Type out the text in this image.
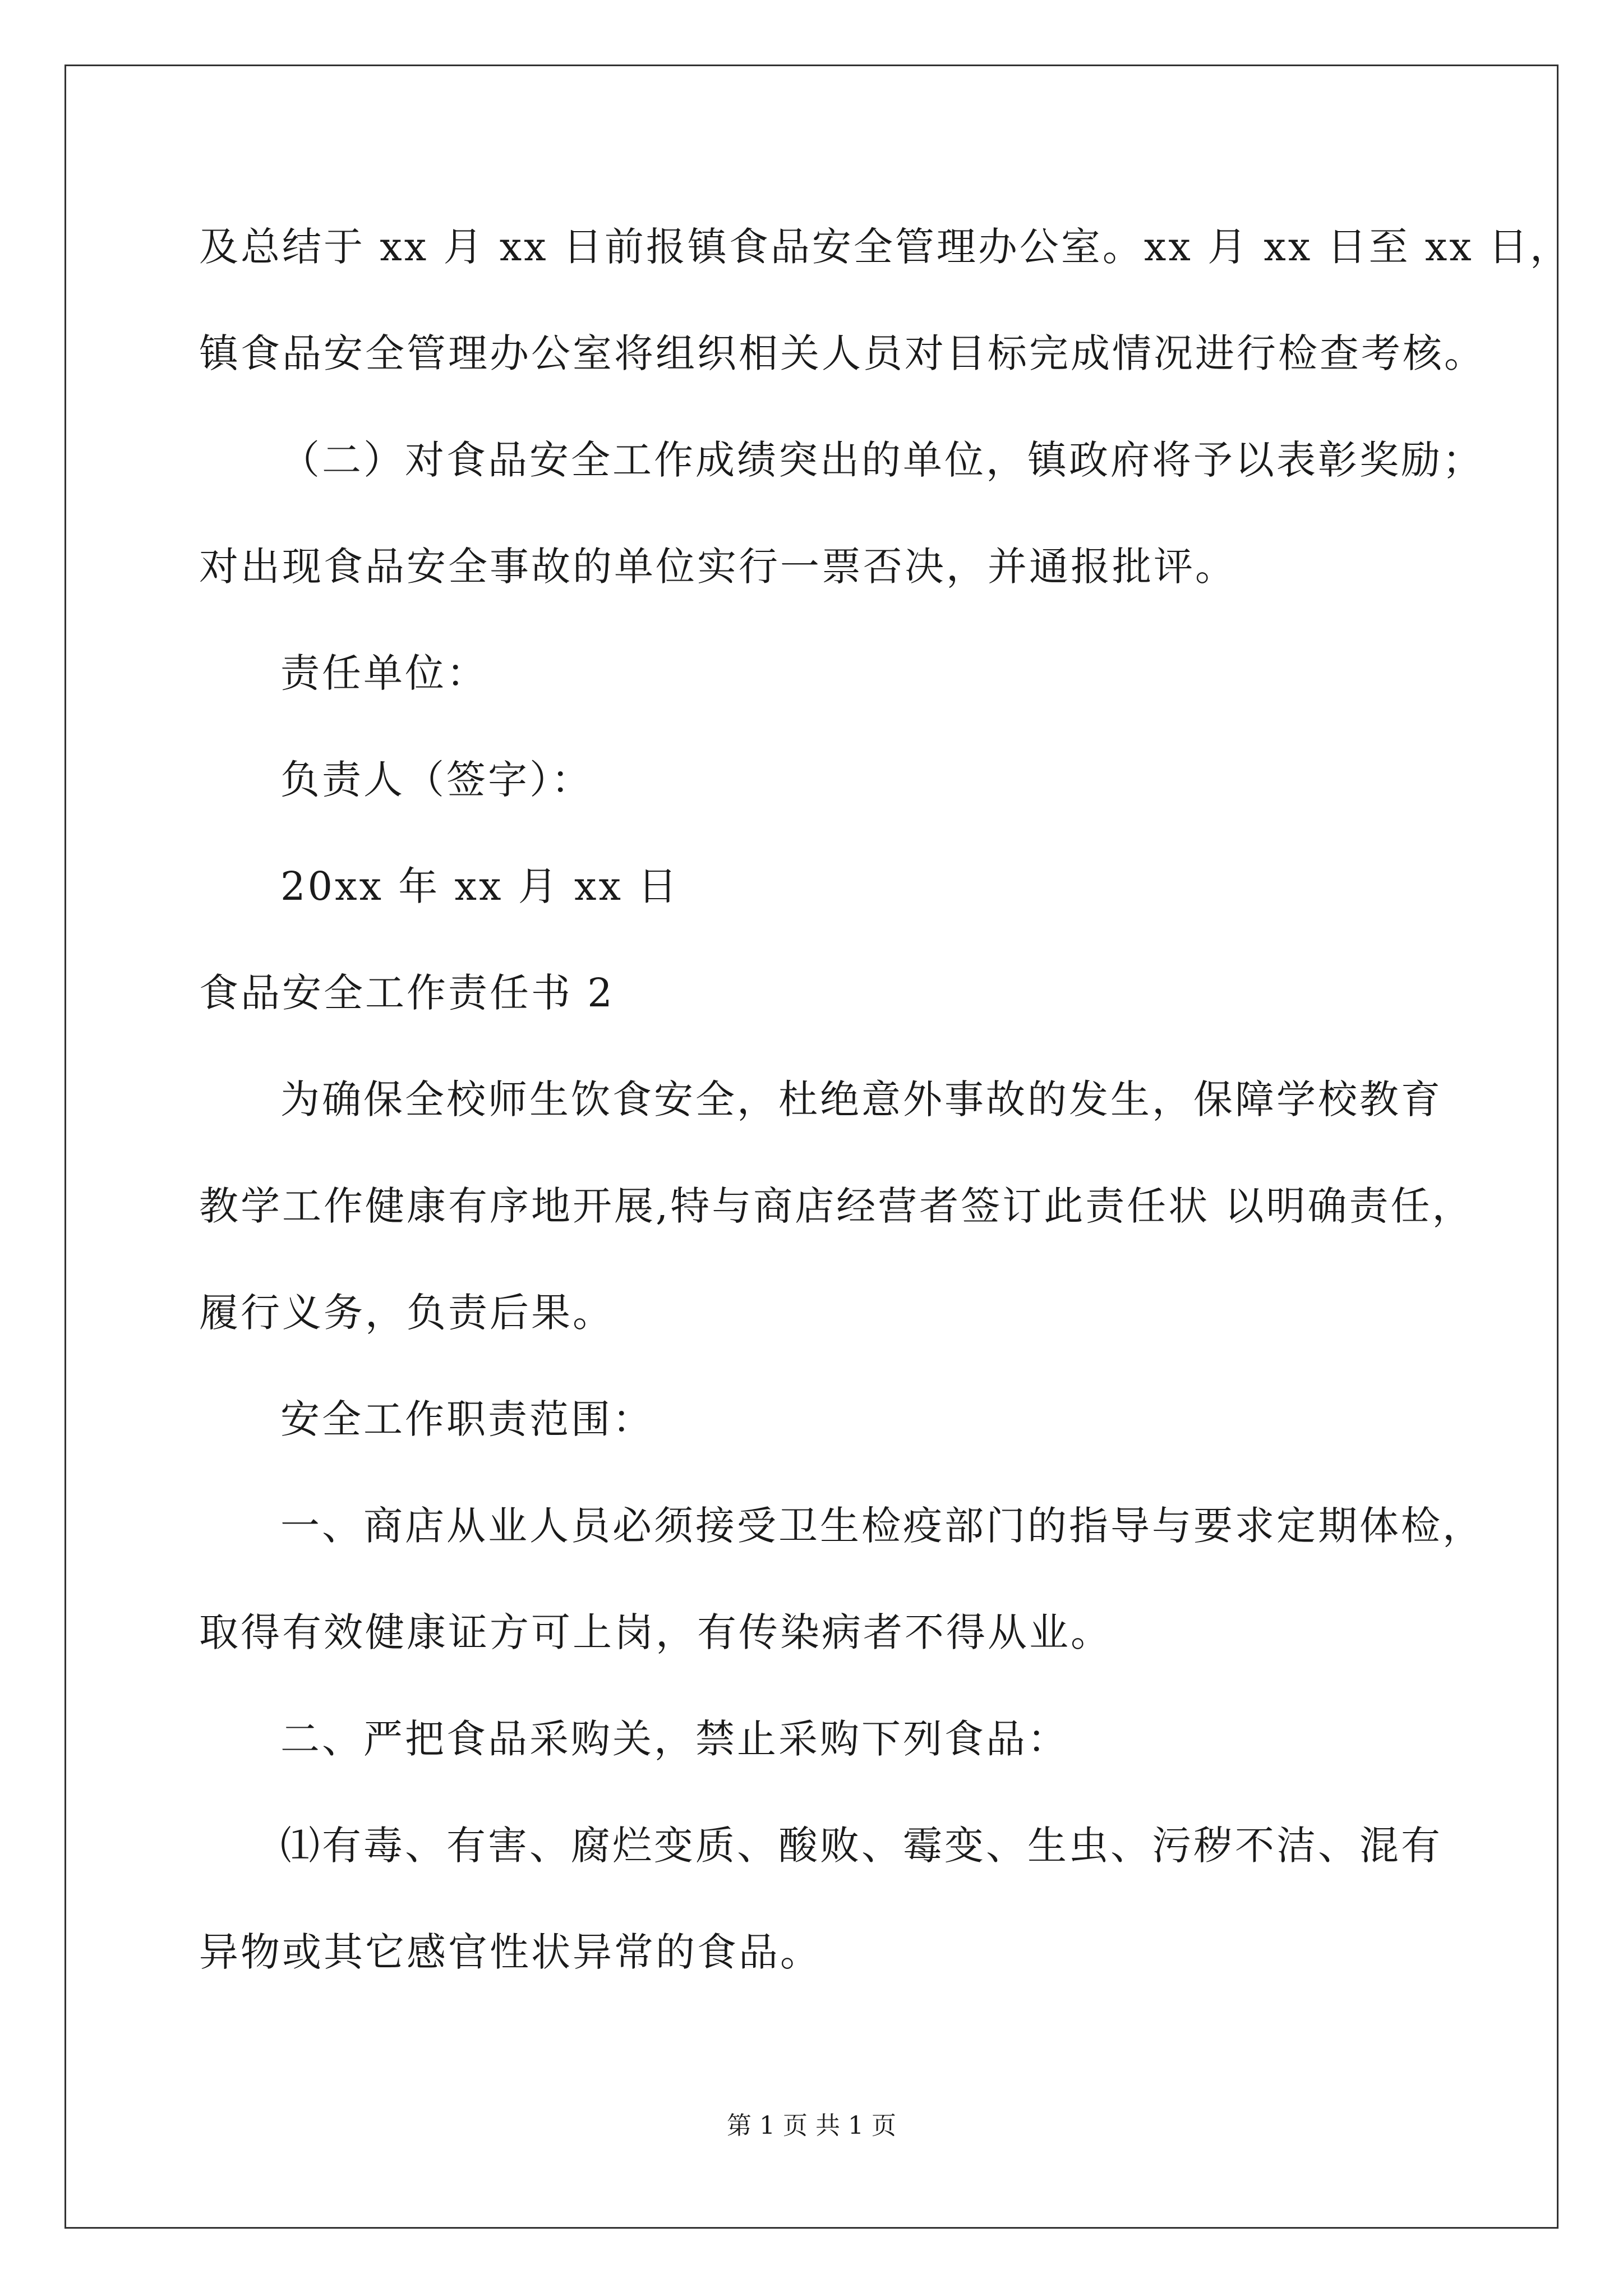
及总结于 xx 月 xx 日前报镇食品安全管理办公室。xx 月 xx 日至 xx 日，
镇食品安全管理办公室将组织相关人员对目标完成情况进行检查考核。
（二）对食品安全工作成绩突出的单位，镇政府将予以表彰奖励；
对出现食品安全事故的单位实行一票否决，并通报批评。
责任单位：
负责人（签字）：
20xx 年 xx 月 xx 日
食品安全工作责任书 2
为确保全校师生饮食安全，杜绝意外事故的发生，保障学校教育
教学工作健康有序地开展,特与商店经营者签订此责任状 以明确责任，
履行义务，负责后果。
安全工作职责范围：
一、商店从业人员必须接受卫生检疫部门的指导与要求定期体检，
取得有效健康证方可上岗，有传染病者不得从业。
二、严把食品采购关，禁止采购下列食品：
⑴有毒、有害、腐烂变质、酸败、霉变、生虫、污秽不洁、混有
异物或其它感官性状异常的食品。
第 1 页 共 1 页
